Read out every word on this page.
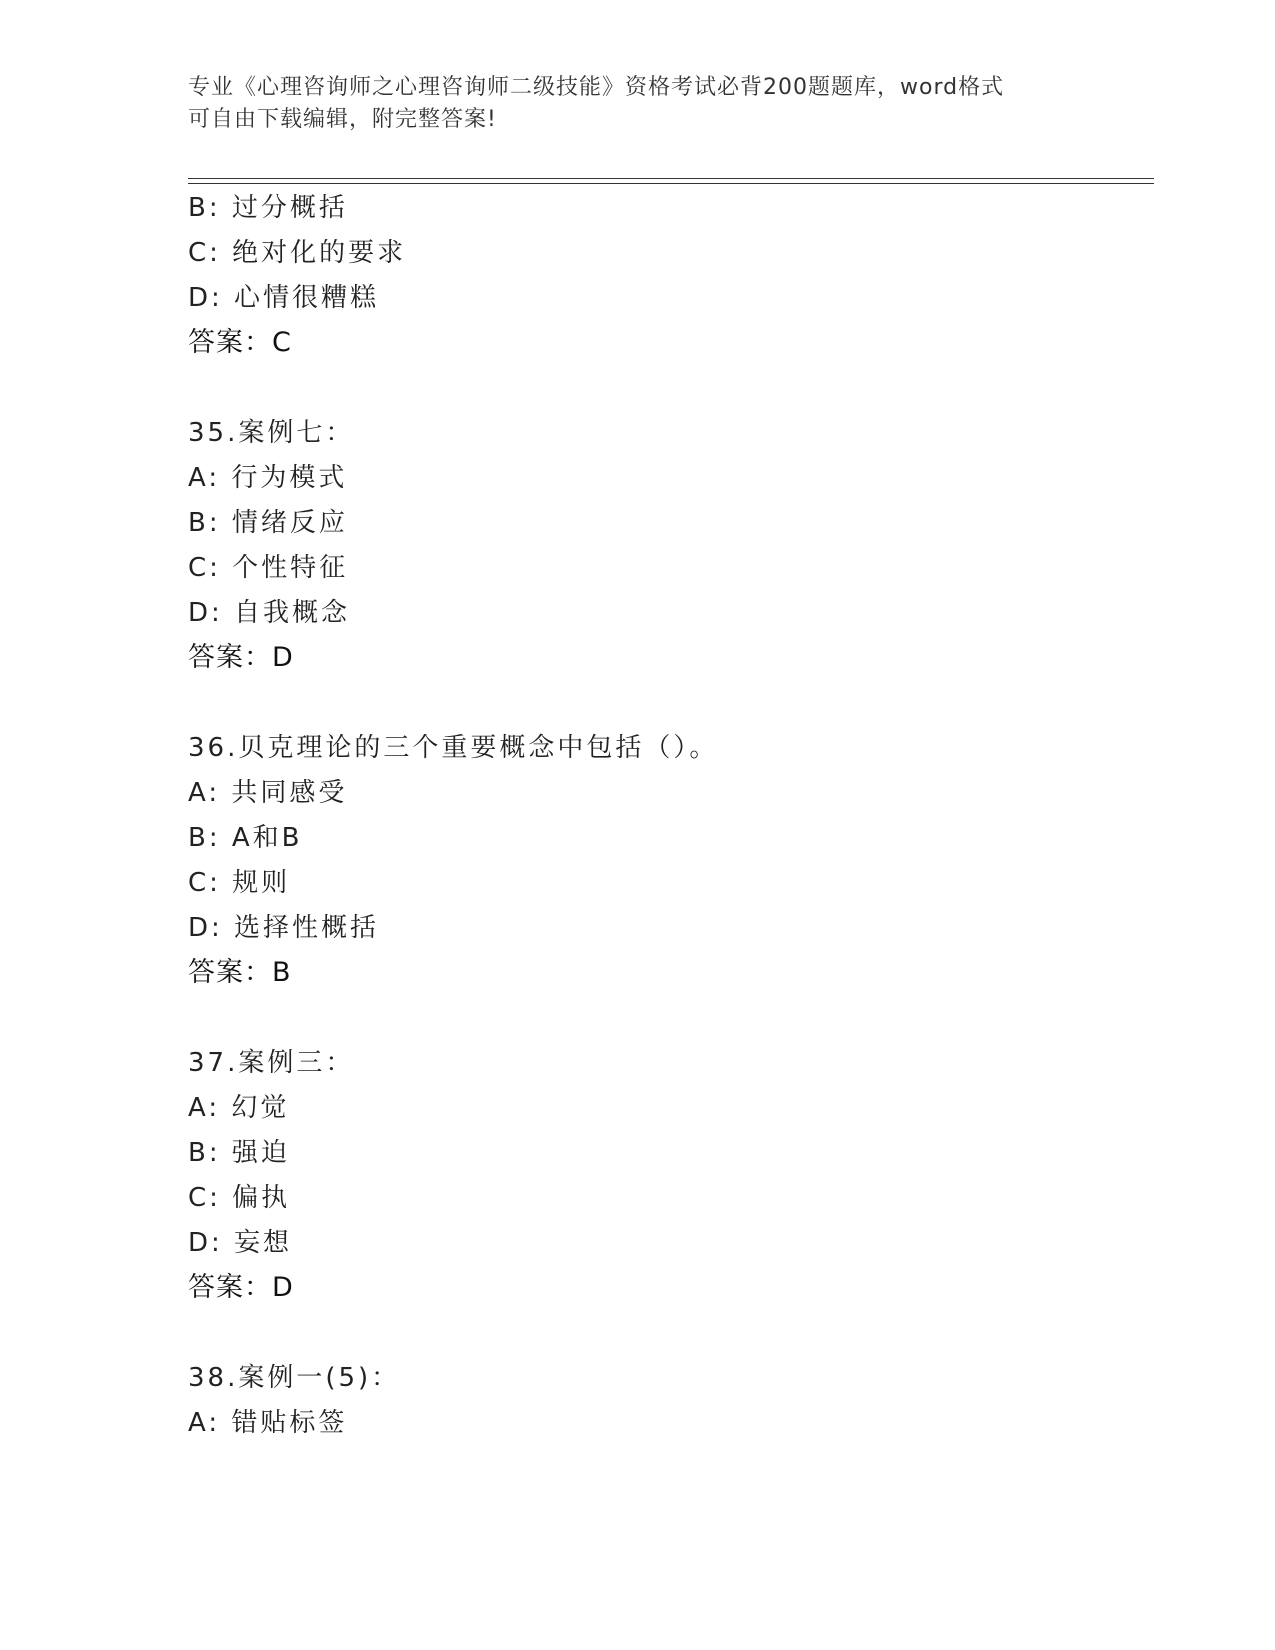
专业《心理咨询师之心理咨询师二级技能》资格考试必背200题题库，word格式
可自由下载编辑，附完整答案!
B: 过分概括
C: 绝对化的要求
D: 心情很糟糕
答案：C
35.案例七：
A: 行为模式
B: 情绪反应
C: 个性特征
D: 自我概念
答案：D
36.贝克理论的三个重要概念中包括（）。
A: 共同感受
B: A和B
C: 规则
D: 选择性概括
答案：B
37.案例三：
A: 幻觉
B: 强迫
C: 偏执
D: 妄想
答案：D
38.案例一(5)：
A: 错贴标签
